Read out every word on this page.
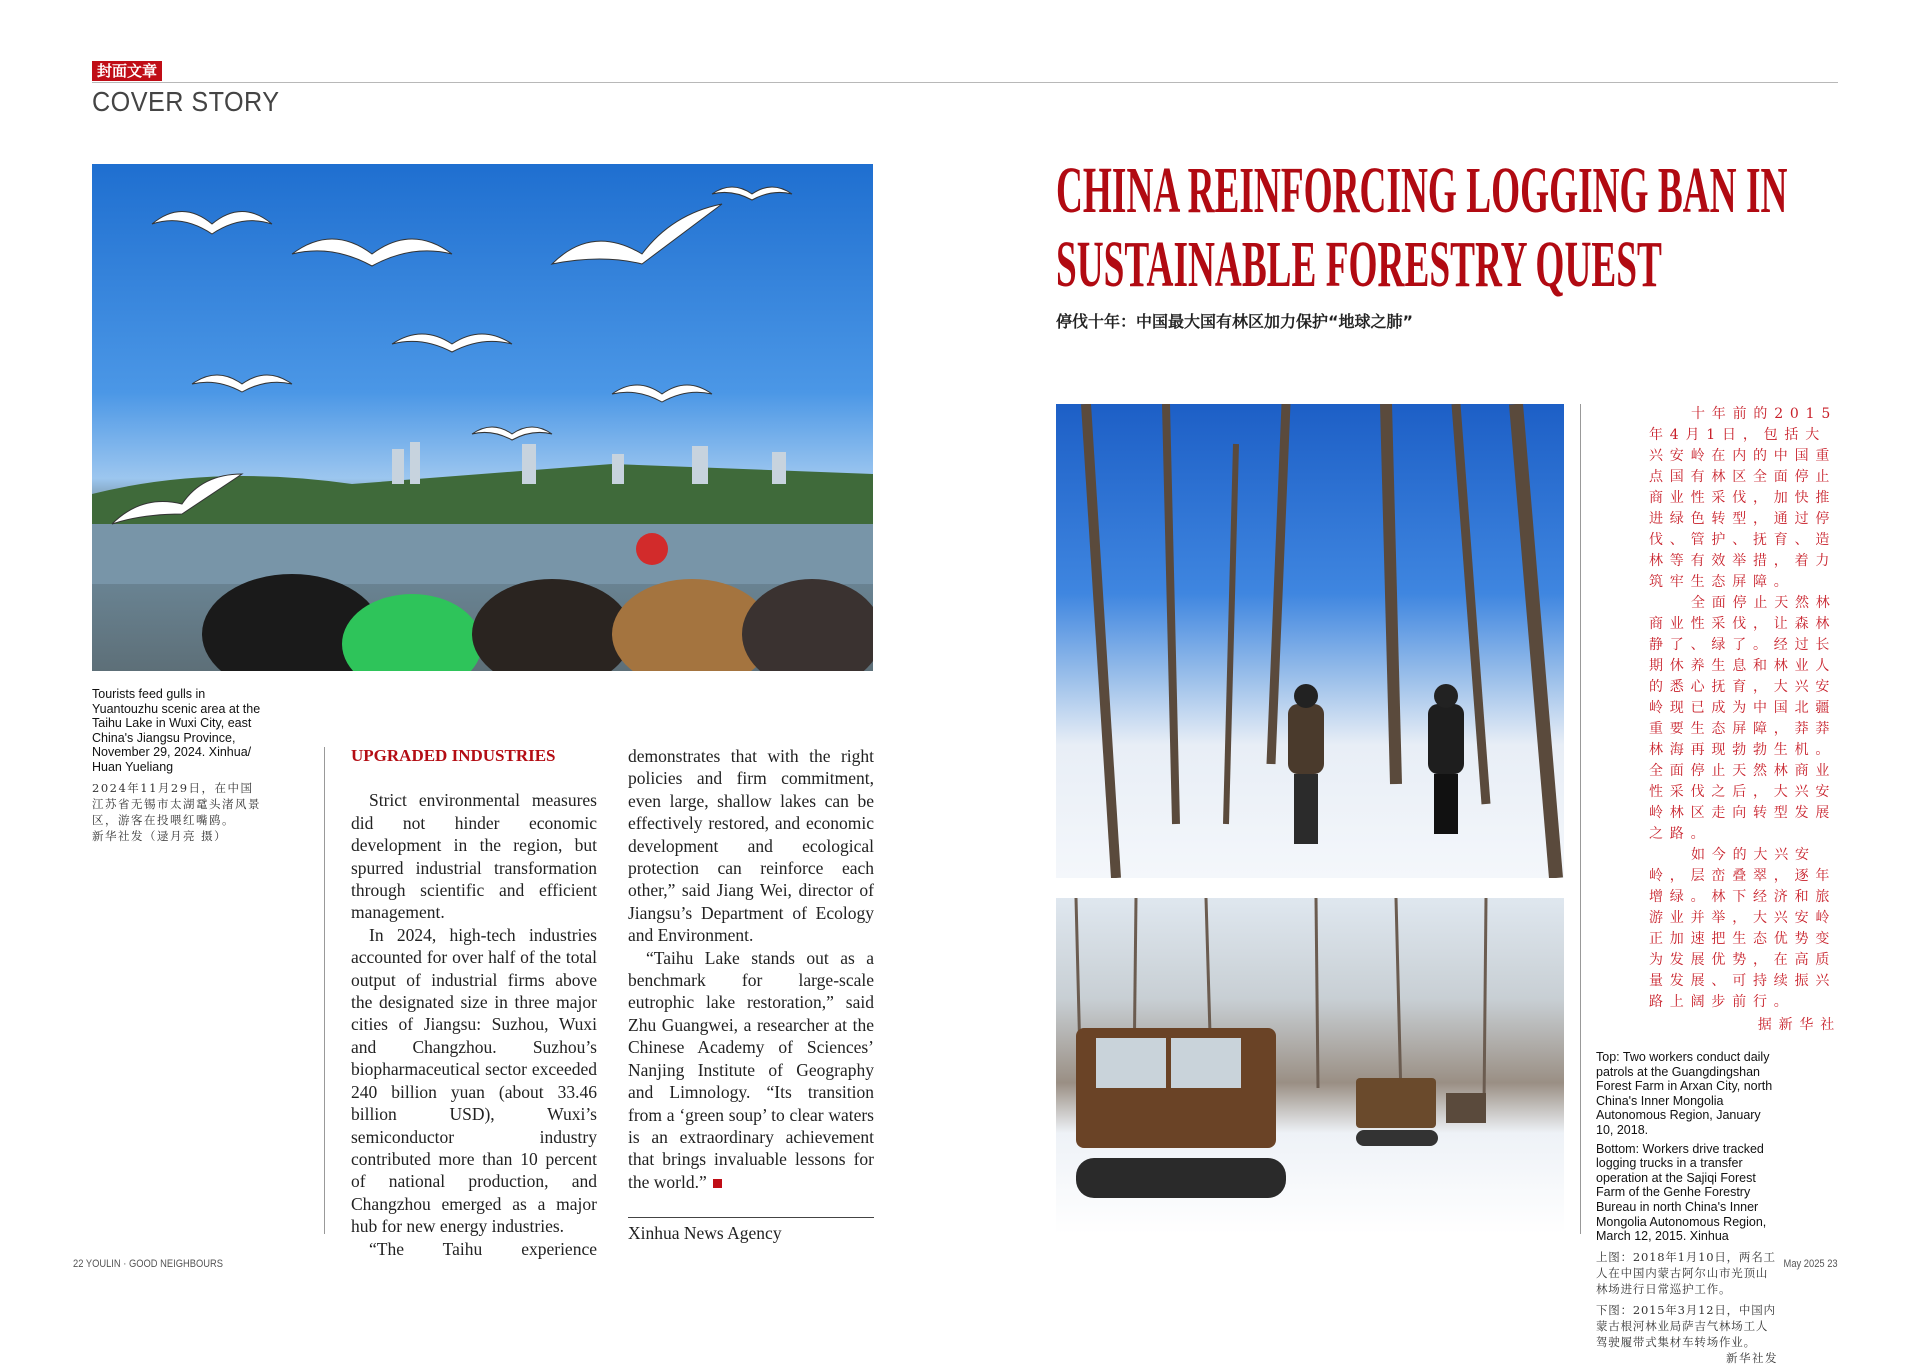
封面文章
COVER STORY
Tourists feed gulls in Yuantouzhu scenic area at the Taihu Lake in Wuxi City, east China's Jiangsu Province, November 29, 2024. Xinhua/ Huan Yueliang
2024年11月29日，在中国江苏省无锡市太湖鼋头渚风景区，游客在投喂红嘴鸥。
新华社发（逯月亮 摄）
UPGRADED INDUSTRIES

Strict environmental measures did not hinder economic development in the region, but spurred industrial transformation through scientific and efficient management.

In 2024, high-tech industries accounted for over half of the total output of industrial firms above the designated size in three major cities of Jiangsu: Suzhou, Wuxi and Changzhou. Suzhou’s biopharmaceutical sector exceeded 240 billion yuan (about 33.46 billion USD), Wuxi’s semiconductor industry contributed more than 10 percent of national production, and Changzhou emerged as a major hub for new energy industries.

“The Taihu experience

demonstrates that with the right policies and firm commitment, even large, shallow lakes can be effectively restored, and economic development and ecological protection can reinforce each other,” said Jiang Wei, director of Jiangsu’s Department of Ecology and Environment.

“Taihu Lake stands out as a benchmark for large-scale eutrophic lake restoration,” said Zhu Guangwei, a researcher at the Chinese Academy of Sciences’ Nanjing Institute of Geography and Limnology. “Its transition from a ‘green soup’ to clear waters is an extraordinary achievement that brings invaluable lessons for the world.”

Xinhua News Agency
CHINA REINFORCING LOGGING BAN IN
SUSTAINABLE FORESTRY QUEST
停伐十年：中国最大国有林区加力保护“地球之肺”

十年前的2015年4月1日，包括大兴安岭在内的中国重点国有林区全面停止商业性采伐，加快推进绿色转型，通过停伐、管护、抚育、造林等有效举措，着力筑牢生态屏障。

全面停止天然林商业性采伐，让森林静了、绿了。经过长期休养生息和林业人的悉心抚育，大兴安岭现已成为中国北疆重要生态屏障，莽莽林海再现勃勃生机。全面停止天然林商业性采伐之后，大兴安岭林区走向转型发展之路。

如今的大兴安岭，层峦叠翠，逐年增绿。林下经济和旅游业并举，大兴安岭正加速把生态优势变为发展优势，在高质量发展、可持续振兴路上阔步前行。

据新华社

Top: Two workers conduct daily patrols at the Guangdingshan Forest Farm in Arxan City, north China's Inner Mongolia Autonomous Region, January 10, 2018.
Bottom: Workers drive tracked logging trucks in a transfer operation at the Sajiqi Forest Farm of the Genhe Forestry Bureau in north China's Inner Mongolia Autonomous Region, March 12, 2015. Xinhua
上图：2018年1月10日，两名工人在中国内蒙古阿尔山市光顶山林场进行日常巡护工作。
下图：2015年3月12日，中国内蒙古根河林业局萨吉气林场工人驾驶履带式集材车转场作业。
新华社发
22 YOULIN · GOOD NEIGHBOURS	May 2025 23
